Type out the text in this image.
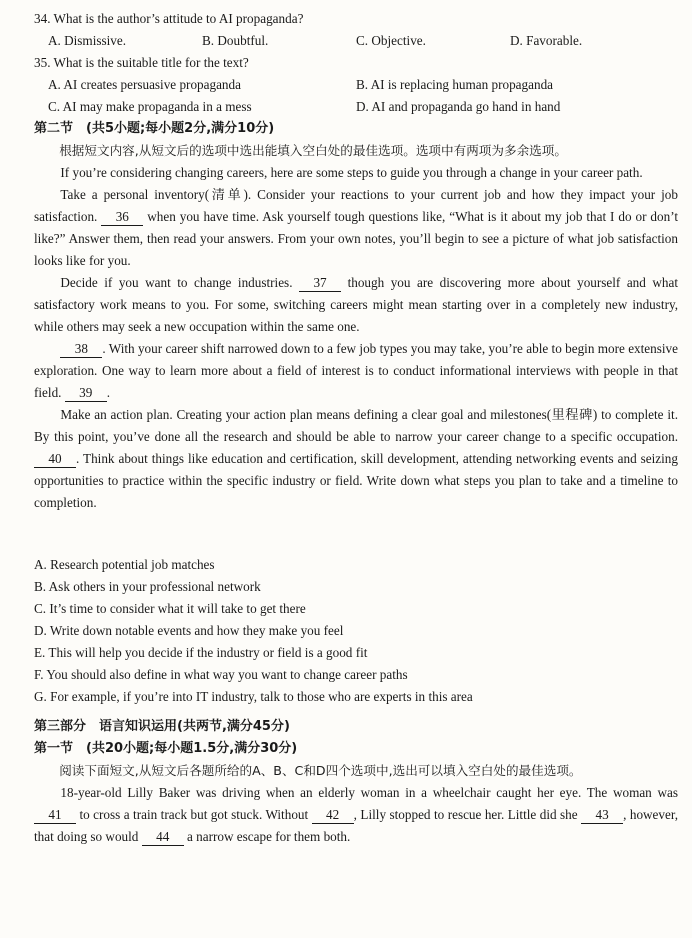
34. What is the author’s attitude to AI propaganda?
A. Dismissive.	B. Doubtful.	C. Objective.	D. Favorable.
35. What is the suitable title for the text?
A. AI creates persuasive propaganda	B. AI is replacing human propaganda
C. AI may make propaganda in a mess	D. AI and propaganda go hand in hand
第二节　(共5小题;每小题2分,满分10分)
根据短文内容,从短文后的选项中选出能填入空白处的最佳选项。选项中有两项为多余选项。

If you’re considering changing careers, here are some steps to guide you through a change in your career path.

Take a personal inventory(清单). Consider your reactions to your current job and how they impact your job satisfaction. 36 when you have time. Ask yourself tough questions like, “What is it about my job that I do or don’t like?” Answer them, then read your answers. From your own notes, you’ll begin to see a picture of what job satisfaction looks like for you.

Decide if you want to change industries. 37 though you are discovering more about yourself and what satisfactory work means to you. For some, switching careers might mean starting over in a completely new industry, while others may seek a new occupation within the same one.

38 . With your career shift narrowed down to a few job types you may take, you’re able to begin more extensive exploration. One way to learn more about a field of interest is to conduct informational interviews with people in that field. 39 .

Make an action plan. Creating your action plan means defining a clear goal and milestones(里程碑) to complete it. By this point, you’ve done all the research and should be able to narrow your career change to a specific occupation. 40 . Think about things like education and certification, skill development, attending networking events and seizing opportunities to practice within the specific industry or field. Write down what steps you plan to take and a timeline to completion.

A. Research potential job matches
B. Ask others in your professional network
C. It’s time to consider what it will take to get there
D. Write down notable events and how they make you feel
E. This will help you decide if the industry or field is a good fit
F. You should also define in what way you want to change career paths
G. For example, if you’re into IT industry, talk to those who are experts in this area
第三部分　语言知识运用(共两节,满分45分)
第一节　(共20小题;每小题1.5分,满分30分)
阅读下面短文,从短文后各题所给的A、B、C和D四个选项中,选出可以填入空白处的最佳选项。

18-year-old Lilly Baker was driving when an elderly woman in a wheelchair caught her eye. The woman was 41 to cross a train track but got stuck. Without 42 , Lilly stopped to rescue her. Little did she 43 , however, that doing so would 44 a narrow escape for them both.
